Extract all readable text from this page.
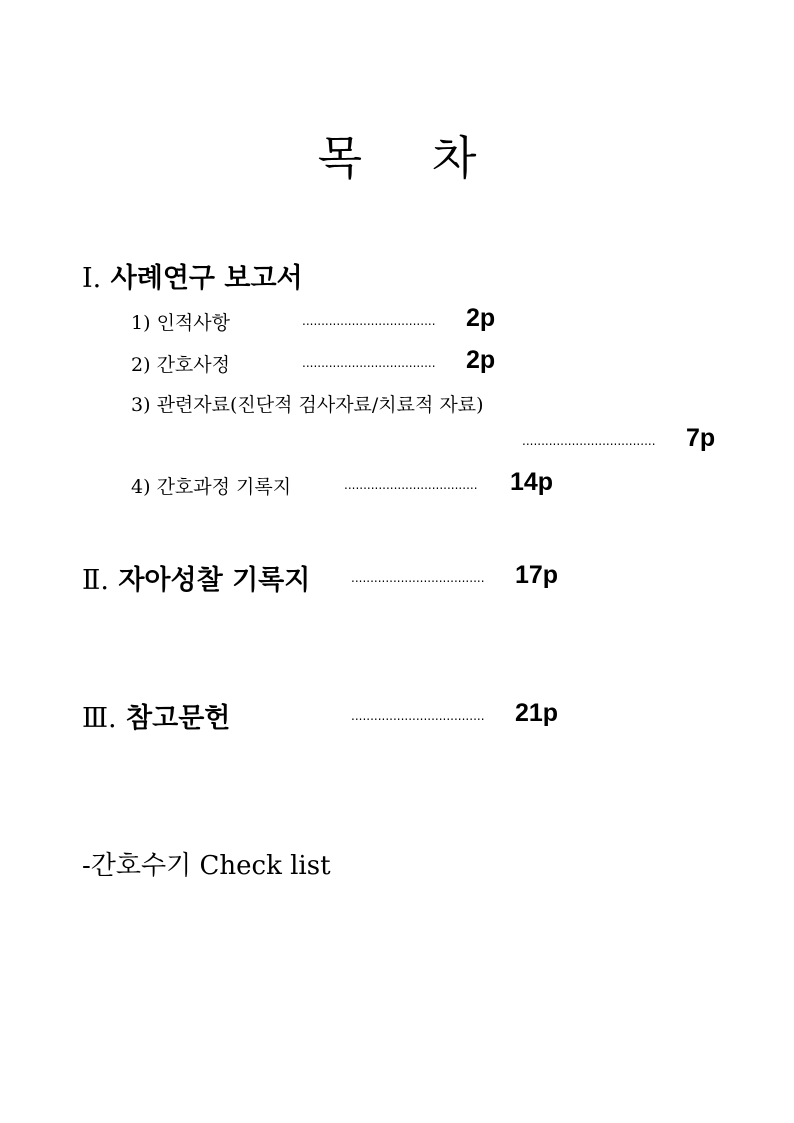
목 차
Ⅰ. 사례연구 보고서
1) 인적사항	................................... 2p
2) 간호사정	................................... 2p
3) 관련자료(진단적 검사자료/치료적 자료)
................................... 7p
4) 간호과정 기록지	................................... 14p
Ⅱ. 자아성찰 기록지	................................... 17p
Ⅲ. 참고문헌	................................... 21p
-간호수기 Check list
